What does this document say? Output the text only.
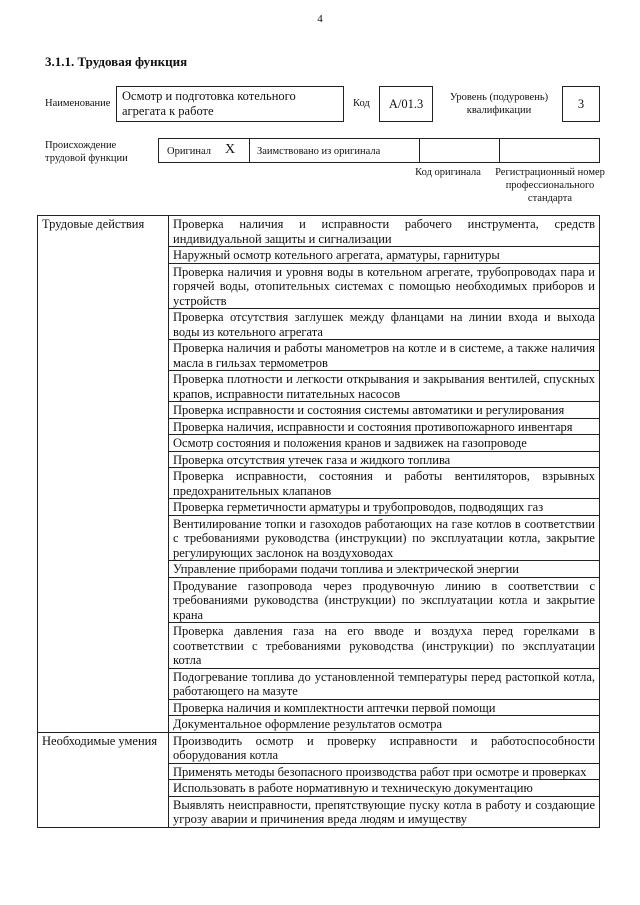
4
3.1.1. Трудовая функция
Наименование
Осмотр и подготовка котельного агрегата к работе
Код	А/01.3	Уровень (подуровень) квалификации	3
Происхождение трудовой функции
Оригинал X Заимствовано из оригинала
Код оригинала	Регистрационный номер профессионального стандарта
Трудовые действия	Проверка наличия и исправности рабочего инструмента, средств индивидуальной защиты и сигнализации
	Наружный осмотр котельного агрегата, арматуры, гарнитуры
	Проверка наличия и уровня воды в котельном агрегате, трубопроводах пара и горячей воды, отопительных системах с помощью необходимых приборов и устройств
	Проверка отсутствия заглушек между фланцами на линии входа и выхода воды из котельного агрегата
	Проверка наличия и работы манометров на котле и в системе, а также наличия масла в гильзах термометров
	Проверка плотности и легкости открывания и закрывания вентилей, спускных крапов, исправности питательных насосов
	Проверка исправности и состояния системы автоматики и регулирования
	Проверка наличия, исправности и состояния противопожарного инвентаря
	Осмотр состояния и положения кранов и задвижек на газопроводе
	Проверка отсутствия утечек газа и жидкого топлива
	Проверка исправности, состояния и работы вентиляторов, взрывных предохранительных клапанов
	Проверка герметичности арматуры и трубопроводов, подводящих газ
	Вентилирование топки и газоходов работающих на газе котлов в соответствии с требованиями руководства (инструкции) по эксплуатации котла, закрытие регулирующих заслонок на воздуховодах
	Управление приборами подачи топлива и электрической энергии
	Продувание газопровода через продувочную линию в соответствии с требованиями руководства (инструкции) по эксплуатации котла и закрытие крана
	Проверка давления газа на его вводе и воздуха перед горелками в соответствии с требованиями руководства (инструкции) по эксплуатации котла
	Подогревание топлива до установленной температуры перед растопкой котла, работающего на мазуте
	Проверка наличия и комплектности аптечки первой помощи
	Документальное оформление результатов осмотра
Необходимые умения	Производить осмотр и проверку исправности и работоспособности оборудования котла
	Применять методы безопасного производства работ при осмотре и проверках
	Использовать в работе нормативную и техническую документацию
	Выявлять неисправности, препятствующие пуску котла в работу и создающие угрозу аварии и причинения вреда людям и имуществу
